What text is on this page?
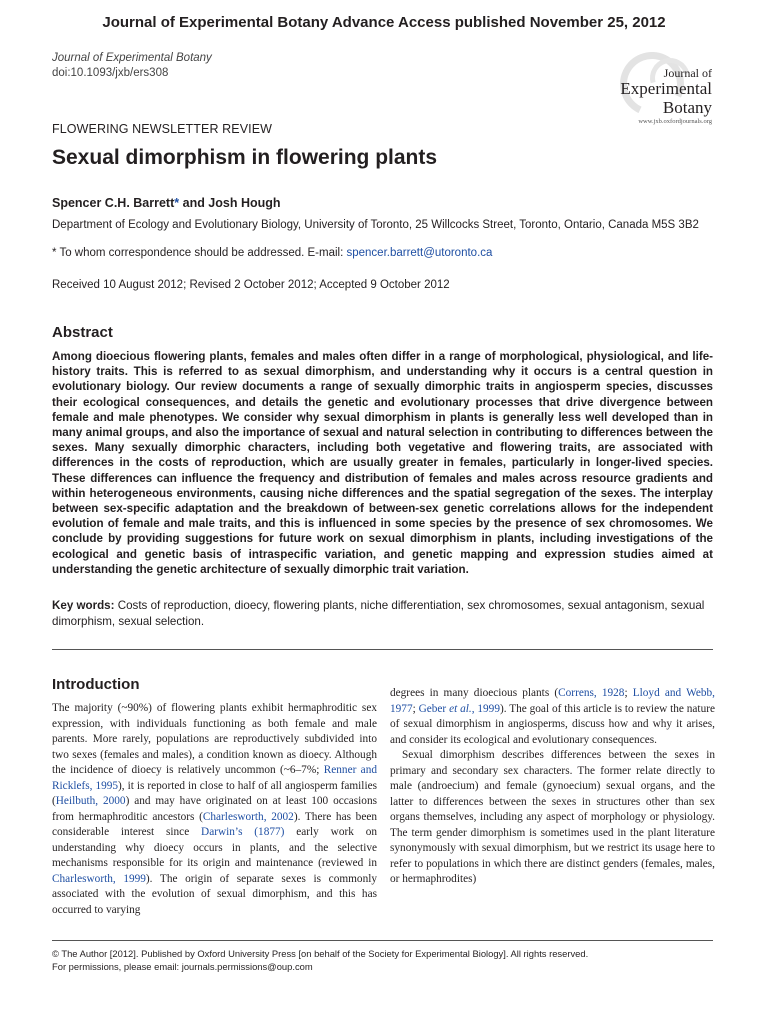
Journal of Experimental Botany Advance Access published November 25, 2012
Journal of Experimental Botany
doi:10.1093/jxb/ers308	Journal of
Experimental
Botany
www.jxb.oxfordjournals.org
FLOWERING NEWSLETTER REVIEW
Sexual dimorphism in flowering plants
Spencer C.H. Barrett* and Josh Hough
Department of Ecology and Evolutionary Biology, University of Toronto, 25 Willcocks Street, Toronto, Ontario, Canada M5S 3B2
* To whom correspondence should be addressed. E-mail: spencer.barrett@utoronto.ca
Received 10 August 2012; Revised 2 October 2012; Accepted 9 October 2012
Abstract
Among dioecious flowering plants, females and males often differ in a range of morphological, physiological, and life-history traits. This is referred to as sexual dimorphism, and understanding why it occurs is a central question in evolutionary biology. Our review documents a range of sexually dimorphic traits in angiosperm species, discusses their ecological consequences, and details the genetic and evolutionary processes that drive divergence between female and male phenotypes. We consider why sexual dimorphism in plants is generally less well developed than in many animal groups, and also the importance of sexual and natural selection in contributing to differences between the sexes. Many sexually dimorphic characters, including both vegetative and flowering traits, are associated with differences in the costs of reproduction, which are usually greater in females, particularly in longer-lived species. These differences can influence the frequency and distribution of females and males across resource gradients and within heterogeneous environments, causing niche differences and the spatial segregation of the sexes. The interplay between sex-specific adaptation and the breakdown of between-sex genetic correlations allows for the independent evolution of female and male traits, and this is influenced in some species by the presence of sex chromosomes. We conclude by providing suggestions for future work on sexual dimorphism in plants, including investigations of the ecological and genetic basis of intraspecific variation, and genetic mapping and expression studies aimed at understanding the genetic architecture of sexually dimorphic trait variation.
Key words: Costs of reproduction, dioecy, flowering plants, niche differentiation, sex chromosomes, sexual antagonism, sexual dimorphism, sexual selection.
Introduction

The majority (~90%) of flowering plants exhibit hermaphroditic sex expression, with individuals functioning as both female and male parents. More rarely, populations are reproductively subdivided into two sexes (females and males), a condition known as dioecy. Although the incidence of dioecy is relatively uncommon (~6–7%; Renner and Ricklefs, 1995), it is reported in close to half of all angiosperm families (Heilbuth, 2000) and may have originated on at least 100 occasions from hermaphroditic ancestors (Charlesworth, 2002). There has been considerable interest since Darwin’s (1877) early work on understanding why dioecy occurs in plants, and the selective mechanisms responsible for its origin and maintenance (reviewed in Charlesworth, 1999). The origin of separate sexes is commonly associated with the evolution of sexual dimorphism, and this has occurred to varying

degrees in many dioecious plants (Correns, 1928; Lloyd and Webb, 1977; Geber et al., 1999). The goal of this article is to review the nature of sexual dimorphism in angiosperms, discuss how and why it arises, and consider its ecological and evolutionary consequences.

Sexual dimorphism describes differences between the sexes in primary and secondary sex characters. The former relate directly to male (androecium) and female (gynoecium) sexual organs, and the latter to differences between the sexes in structures other than sex organs themselves, including any aspect of morphology or physiology. The term gender dimorphism is sometimes used in the plant literature synonymously with sexual dimorphism, but we restrict its usage here to refer to populations in which there are distinct genders (females, males, or hermaphrodites)

© The Author [2012]. Published by Oxford University Press [on behalf of the Society for Experimental Biology]. All rights reserved.
For permissions, please email: journals.permissions@oup.com
